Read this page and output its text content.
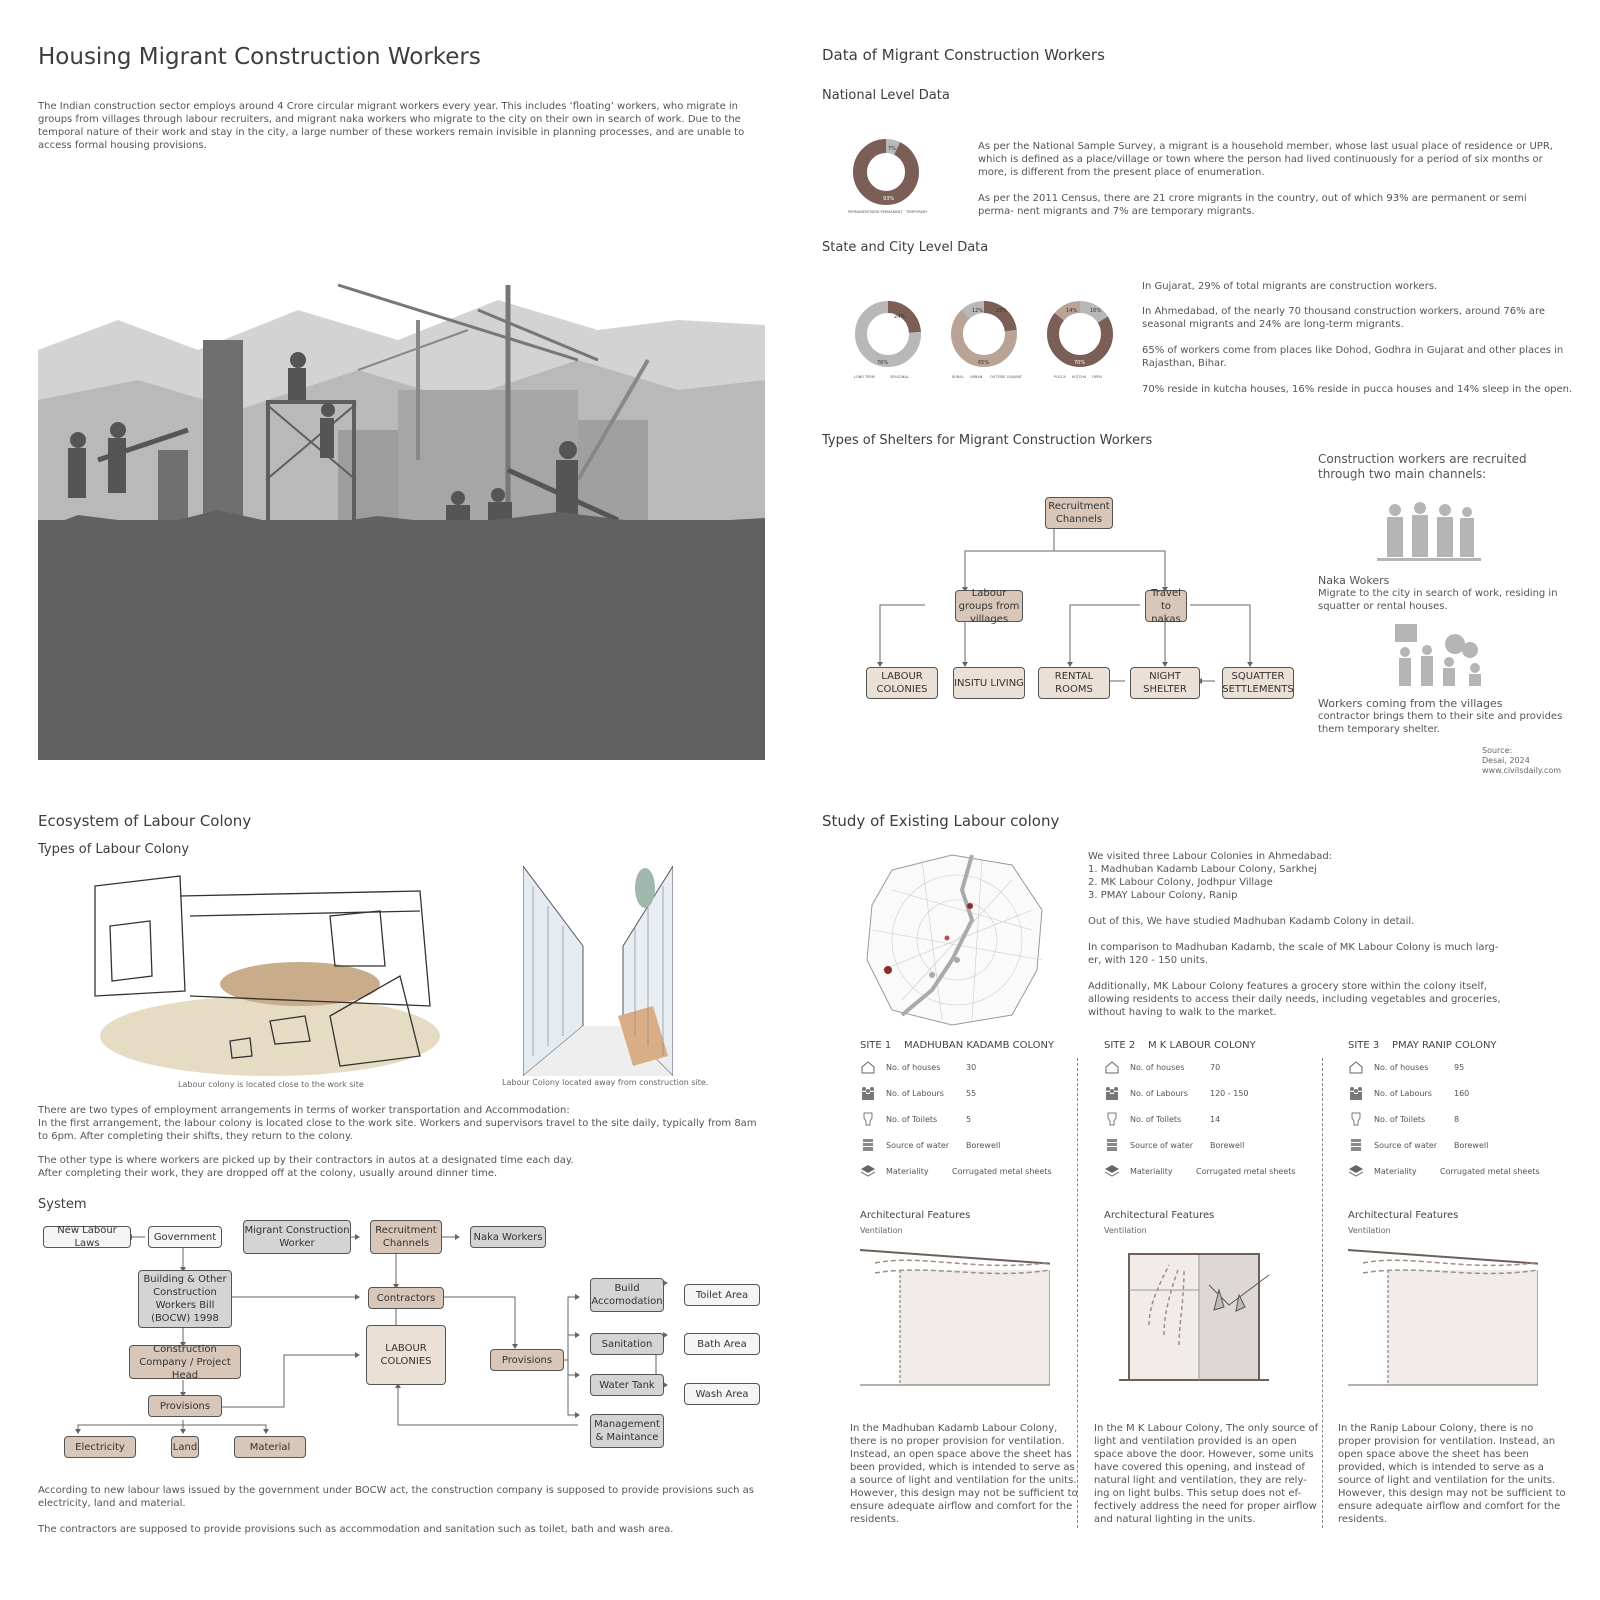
Housing Migrant Construction Workers
The Indian construction sector employs around 4 Crore circular migrant workers every year. This includes ‘floating’ workers, who migrate in groups from villages through labour recruiters, and migrant naka workers who migrate to the city on their own in search of work. Due to the temporal nature of their work and stay in the city, a large number of these workers remain invisible in planning processes, and are unable to access formal housing provisions.
Data of Migrant Construction Workers
National Level Data
7%
93%
PERMANENT/SEMI PERMANENT TEMPORARY
As per the National Sample Survey, a migrant is a household member, whose last usual place of residence or UPR, which is defined as a place/village or town where the person had lived continuously for a period of six months or more, is different from the present place of enumeration.
As per the 2011 Census, there are 21 crore migrants in the country, out of which 93% are permanent or semi perma- nent migrants and 7% are temporary migrants.
State and City Level Data
24%
76%
LONG TERM	SEASONAL
12%	23%
65%
RURAL URBAN OUTSIDE GUJARAT
14%	16%
70%
PUCCA KUTCHA OPEN
In Gujarat, 29% of total migrants are construction workers.
In Ahmedabad, of the nearly 70 thousand construction workers, around 76% are seasonal migrants and 24% are long-term migrants.
65% of workers come from places like Dohod, Godhra in Gujarat and other places in Rajasthan, Bihar.
70% reside in kutcha houses, 16% reside in pucca houses and 14% sleep in the open.
Types of Shelters for Migrant Construction Workers
Recruitment Channels
Labour groups from villages
Travel to nakas
LABOUR COLONIES
INSITU LIVING
RENTAL ROOMS
NIGHT SHELTER
SQUATTER SETTLEMENTS
Construction workers are recruited through two main channels:
Naka Wokers
Migrate to the city in search of work, residing in squatter or rental houses.
Workers coming from the villages
contractor brings them to their site and provides them temporary shelter.
Source:
Desai, 2024
www.civilsdaily.com
Ecosystem of Labour Colony
Types of Labour Colony
Labour colony is located close to the work site	Labour Colony located away from construction site.
There are two types of employment arrangements in terms of worker transportation and Accommodation:
In the first arrangement, the labour colony is located close to the work site. Workers and supervisors travel to the site daily, typically from 8am to 6pm. After completing their shifts, they return to the colony.
The other type is where workers are picked up by their contractors in autos at a designated time each day.
After completing their work, they are dropped off at the colony, usually around dinner time.
System
New Labour Laws
Government
Migrant Construction Worker
Recruitment Channels
Naka Workers
Building & Other Construction Workers Bill (BOCW) 1998
Contractors
Construction Company / Project Head
LABOUR COLONIES
Provisions
Provisions
Electricity	Land	Material
Build Accomodation
Sanitation
Water Tank
Management & Maintance
Toilet Area
Bath Area
Wash Area
According to new labour laws issued by the government under BOCW act, the construction company is supposed to provide provisions such as electricity, land and material.
The contractors are supposed to provide provisions such as accommodation and sanitation such as toilet, bath and wash area.
Study of Existing Labour colony
We visited three Labour Colonies in Ahmedabad:
1. Madhuban Kadamb Labour Colony, Sarkhej
2. MK Labour Colony, Jodhpur Village
3. PMAY Labour Colony, Ranip
Out of this, We have studied Madhuban Kadamb Colony in detail.
In comparison to Madhuban Kadamb, the scale of MK Labour Colony is much larg- er, with 120 - 150 units.
Additionally, MK Labour Colony features a grocery store within the colony itself, allowing residents to access their daily needs, including vegetables and groceries, without having to walk to the market.
SITE 1    MADHUBAN KADAMB COLONY
No. of houses	30
No. of Labours	55
No. of Toilets	5
Source of water	Borewell
Materiality	Corrugated metal sheets
Architectural Features
Ventilation
In the Madhuban Kadamb Labour Colony, there is no proper provision for ventilation. Instead, an open space above the sheet has been provided, which is intended to serve as a source of light and ventilation for the units. However, this design may not be sufficient to ensure adequate airflow and comfort for the residents.
SITE 2    M K LABOUR COLONY
No. of houses	70
No. of Labours	120 - 150
No. of Toilets	14
Source of water	Borewell
Materiality	Corrugated metal sheets
Architectural Features
Ventilation
In the M K Labour Colony, The only source of light and ventilation provided is an open space above the door. However, some units have covered this opening, and instead of natural light and ventilation, they are rely- ing on light bulbs. This setup does not ef- fectively address the need for proper airflow and natural lighting in the units.
SITE 3    PMAY RANIP COLONY
No. of houses	95
No. of Labours	160
No. of Toilets	8
Source of water	Borewell
Materiality	Corrugated metal sheets
Architectural Features
Ventilation
In the Ranip Labour Colony, there is no proper provision for ventilation. Instead, an open space above the sheet has been provided, which is intended to serve as a source of light and ventilation for the units. However, this design may not be sufficient to ensure adequate airflow and comfort for the residents.
